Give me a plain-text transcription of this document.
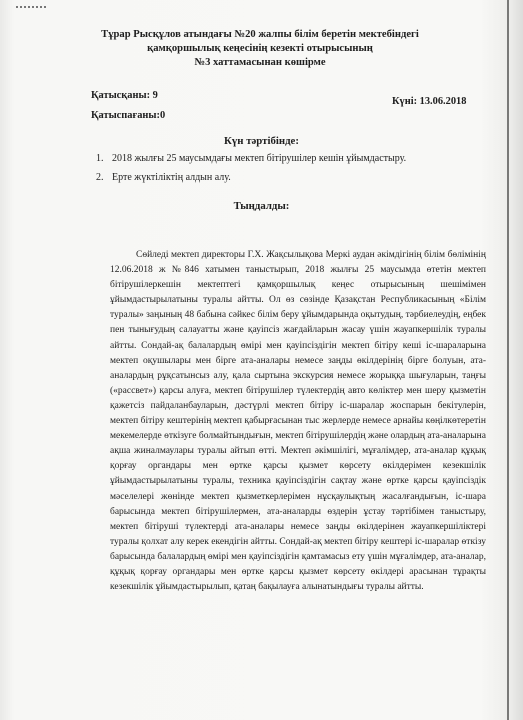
Тұрар Рысқұлов атындағы №20 жалпы білім беретін мектебіндегі
қамқоршылық кеңесінің кезекті отырысының
№3 хаттамасынан көшірме
Қатысқаны: 9
Күні: 13.06.2018
Қатыспағаны:0
Күн тәртібінде:
1. 2018 жылғы 25 маусымдағы мектеп бітірушілер кешін ұйымдастыру.
2. Ерте жүктіліктің алдын алу.
Тыңдалды:

Сөйледі мектеп директоры Г.Х. Жақсылықова Меркі аудан әкімдігінің білім бөлімінің 12.06.2018 ж №846 хатымен таныстырып, 2018 жылғы 25 маусымда өтетін мектеп бітірушілеркешін мектептегі қамқоршылық кеңес отырысының шешімімен ұйымдастырылатыны туралы айтты. Ол өз сөзінде Қазақстан Республикасының «Білім туралы» заңының 48 бабына сәйкес білім беру ұйымдарында оқытудың, тәрбиелеудің, еңбек пен тынығудың салауатты және қауіпсіз жағдайларын жасау үшін жауапкершілік туралы айтты. Сондай-ақ балалардың өмірі мен қауіпсіздігін мектеп бітіру кеші іс-шараларына мектеп оқушылары мен бірге ата-аналары немесе заңды өкілдерінің бірге болуын, ата-аналардың рұқсатынсыз алу, қала сыртына экскурсия немесе жорыққа шығуларын, таңғы («рассвет») қарсы алуға, мектеп бітірушілер түлектердің авто көліктер мен шеру қызметін қажетсіз пайдаланбауларын, дәстүрлі мектеп бітіру іс-шаралар жоспарын бекітулерін, мектеп бітіру кештерінің мектеп қабырғасынан тыс жерлерде немесе арнайы көңілкөтеретін мекемелерде өткізуге болмайтындығын, мектеп бітірушілердің және олардың ата-аналарына ақша жиналмаулары туралы айтып өтті. Мектеп әкімшілігі, мұғалімдер, ата-аналар құқық қорғау органдары мен өртке қарсы қызмет көрсету өкілдерімен кезекшілік ұйымдастырылатыны туралы, техника қауіпсіздігін сақтау және өртке қарсы қауіпсіздік мәселелері жөнінде мектеп қызметкерлерімен нұсқаулықтың жасалғандығын, іс-шара барысында мектеп бітірушілермен, ата-аналарды өздерін ұстау тәртібімен таныстыру, мектеп бітіруші түлектерді ата-аналары немесе заңды өкілдерінен жауапкершіліктері туралы қолхат алу керек екендігін айтты. Сондай-ақ мектеп бітіру кештері іс-шаралар өткізу барысында балалардың өмірі мен қауіпсіздігін қамтамасыз ету үшін мұғалімдер, ата-аналар, құқық қорғау органдары мен өртке қарсы қызмет көрсету өкілдері арасынан тұрақты кезекшілік ұйымдастырылып, қатаң бақылауға алынатындығы туралы айтты.
